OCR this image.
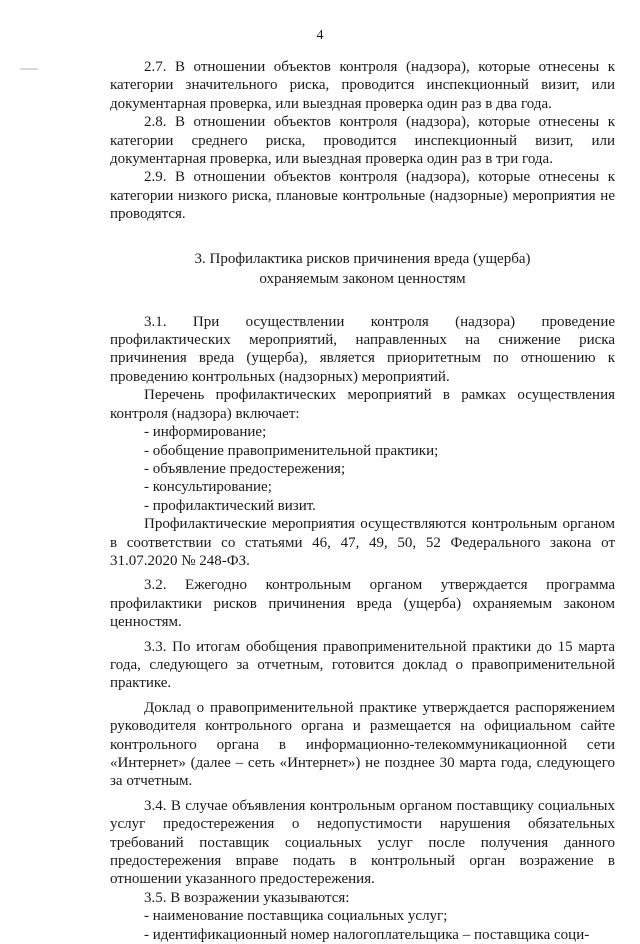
4

2.7. В отношении объектов контроля (надзора), которые отнесены к категории значительного риска, проводится инспекционный визит, или документарная проверка, или выездная проверка один раз в два года.

2.8. В отношении объектов контроля (надзора), которые отнесены к категории среднего риска, проводится инспекционный визит, или документарная проверка, или выездная проверка один раз в три года.

2.9. В отношении объектов контроля (надзора), которые отнесены к категории низкого риска, плановые контрольные (надзорные) мероприятия не проводятся.

3. Профилактика рисков причинения вреда (ущерба)
охраняемым законом ценностям

3.1. При осуществлении контроля (надзора) проведение профилактических мероприятий, направленных на снижение риска причинения вреда (ущерба), является приоритетным по отношению к проведению контрольных (надзорных) мероприятий.

Перечень профилактических мероприятий в рамках осуществления контроля (надзора) включает:

- информирование;

- обобщение правоприменительной практики;

- объявление предостережения;

- консультирование;

- профилактический визит.

Профилактические мероприятия осуществляются контрольным органом в соответствии со статьями 46, 47, 49, 50, 52 Федерального закона от 31.07.2020 № 248-ФЗ.

3.2. Ежегодно контрольным органом утверждается программа профилактики рисков причинения вреда (ущерба) охраняемым законом ценностям.

3.3. По итогам обобщения правоприменительной практики до 15 марта года, следующего за отчетным, готовится доклад о правоприменительной практике.

Доклад о правоприменительной практике утверждается распоряжением руководителя контрольного органа и размещается на официальном сайте контрольного органа в информационно-телекоммуникационной сети «Интернет» (далее – сеть «Интернет») не позднее 30 марта года, следующего за отчетным.

3.4. В случае объявления контрольным органом поставщику социальных услуг предостережения о недопустимости нарушения обязательных требований поставщик социальных услуг после получения данного предостережения вправе подать в контрольный орган возражение в отношении указанного предостережения.

3.5. В возражении указываются:

- наименование поставщика социальных услуг;

- идентификационный номер налогоплательщика – поставщика соци-
